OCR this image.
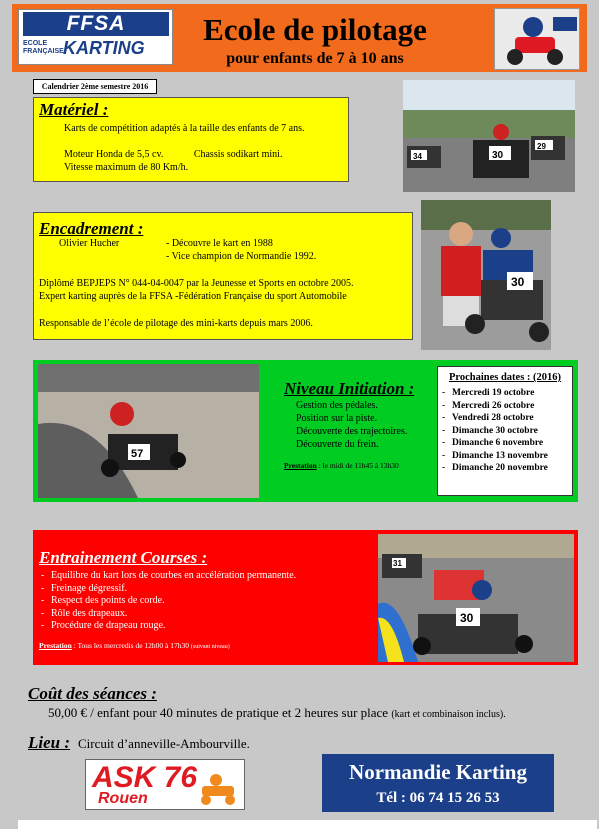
FFSA
ECOLE
FRANÇAISE KARTING
Ecole de pilotage
pour enfants de 7 à 10 ans
Calendrier 2ème semestre 2016
Matériel :
Karts de compétition adaptés à la taille des enfants de 7 ans.
Moteur Honda de 5,5 cv.	Chassis sodikart mini.
Vitesse maximum de 80 Km/h.
34	30
29
Encadrement :
Olivier Hucher	- Découvre le kart en 1988
- Vice champion de Normandie 1992.
Diplômé BEPJEPS N° 044-04-0047 par la Jeunesse et Sports en octobre 2005.
Expert karting auprès de la FFSA -Fédération Française du sport Automobile
Responsable de l’école de pilotage des mini-karts depuis mars 2006.
30
57
Niveau Initiation :
Gestion des pédales.
Position sur la piste.
Découverte des trajectoires.
Découverte du frein.
Prestation : le midi de 11h45 à 13h30
Prochaines dates : (2016)
- Mercredi 19 octobre
- Mercredi 26 octobre
- Vendredi 28 octobre
- Dimanche 30 octobre
- Dimanche 6 novembre
- Dimanche 13 novembre
- Dimanche 20 novembre
Entrainement Courses :
- Equilibre du kart lors de courbes en accélération permanente.
- Freinage dégressif.
- Respect des points de corde.
- Rôle des drapeaux.
- Procédure de drapeau rouge.
Prestation : Tous les mercredis de 12h00 à 17h30 (suivant niveau)
31
30
Coût des séances :
50,00 € / enfant pour 40 minutes de pratique et 2 heures sur place (kart et combinaison inclus).
Lieu : Circuit d’anneville-Ambourville.
ASK 76
Rouen
Normandie Karting
Tél : 06 74 15 26 53
